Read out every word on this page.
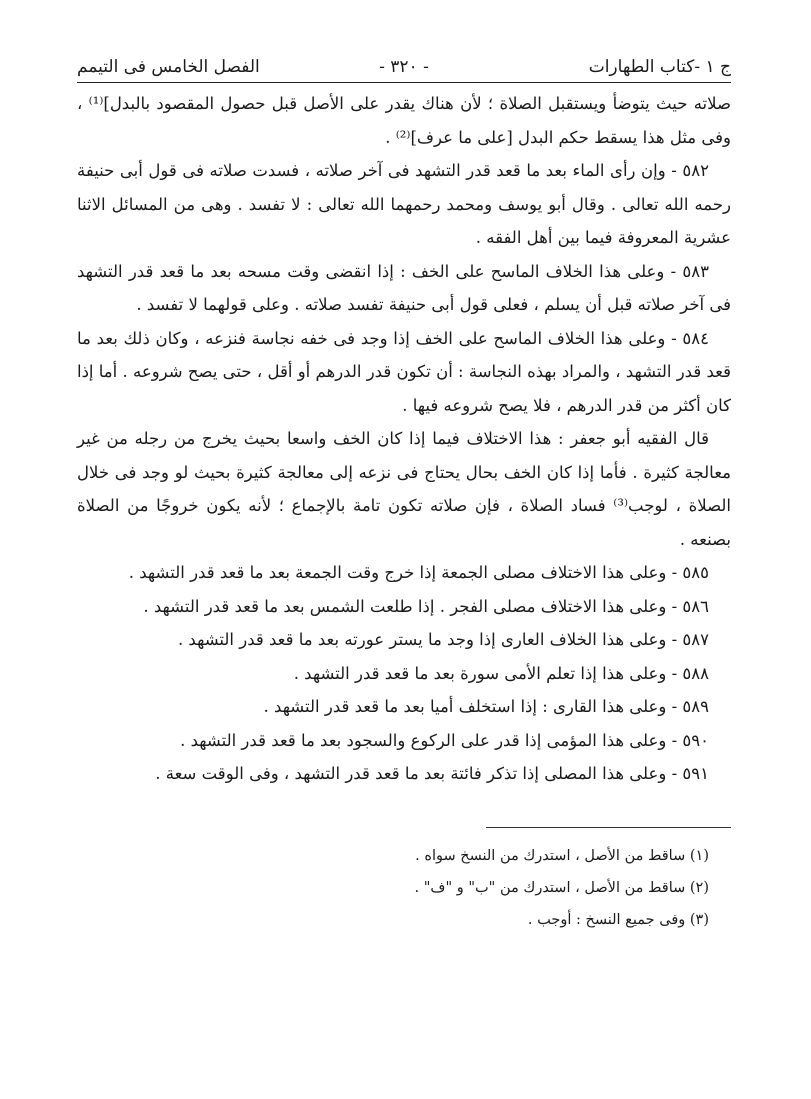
ج ١ -كتاب الطهارات
- ٣٢٠ -
الفصل الخامس فى التيمم

صلاته حيث يتوضأ ويستقبل الصلاة ؛ لأن هناك يقدر على الأصل قبل حصول المقصود بالبدل]⁽¹⁾ ، وفى مثل هذا يسقط حكم البدل [على ما عرف]⁽²⁾ .

٥٨٢ - وإن رأى الماء بعد ما قعد قدر التشهد فى آخر صلاته ، فسدت صلاته فى قول أبى حنيفة رحمه الله تعالى . وقال أبو يوسف ومحمد رحمهما الله تعالى : لا تفسد . وهى من المسائل الاثنا عشرية المعروفة فيما بين أهل الفقه .

٥٨٣ - وعلى هذا الخلاف الماسح على الخف : إذا انقضى وقت مسحه بعد ما قعد قدر التشهد فى آخر صلاته قبل أن يسلم ، فعلى قول أبى حنيفة تفسد صلاته . وعلى قولهما لا تفسد .

٥٨٤ - وعلى هذا الخلاف الماسح على الخف إذا وجد فى خفه نجاسة فنزعه ، وكان ذلك بعد ما قعد قدر التشهد ، والمراد بهذه النجاسة : أن تكون قدر الدرهم أو أقل ، حتى يصح شروعه . أما إذا كان أكثر من قدر الدرهم ، فلا يصح شروعه فيها .

قال الفقيه أبو جعفر : هذا الاختلاف فيما إذا كان الخف واسعا بحيث يخرج من رجله من غير معالجة كثيرة . فأما إذا كان الخف بحال يحتاج فى نزعه إلى معالجة كثيرة بحيث لو وجد فى خلال الصلاة ، لوجب⁽³⁾ فساد الصلاة ، فإن صلاته تكون تامة بالإجماع ؛ لأنه يكون خروجًا من الصلاة بصنعه .

٥٨٥ - وعلى هذا الاختلاف مصلى الجمعة إذا خرج وقت الجمعة بعد ما قعد قدر التشهد .

٥٨٦ - وعلى هذا الاختلاف مصلى الفجر . إذا طلعت الشمس بعد ما قعد قدر التشهد .

٥٨٧ - وعلى هذا الخلاف العارى إذا وجد ما يستر عورته بعد ما قعد قدر التشهد .

٥٨٨ - وعلى هذا إذا تعلم الأمى سورة بعد ما قعد قدر التشهد .

٥٨٩ - وعلى هذا القارى : إذا استخلف أميا بعد ما قعد قدر التشهد .

٥٩٠ - وعلى هذا المؤمى إذا قدر على الركوع والسجود بعد ما قعد قدر التشهد .

٥٩١ - وعلى هذا المصلى إذا تذكر فائتة بعد ما قعد قدر التشهد ، وفى الوقت سعة .

(١) ساقط من الأصل ، استدرك من النسخ سواه .

(٢) ساقط من الأصل ، استدرك من "ب" و "ف" .

(٣) وفى جميع النسخ : أوجب .
